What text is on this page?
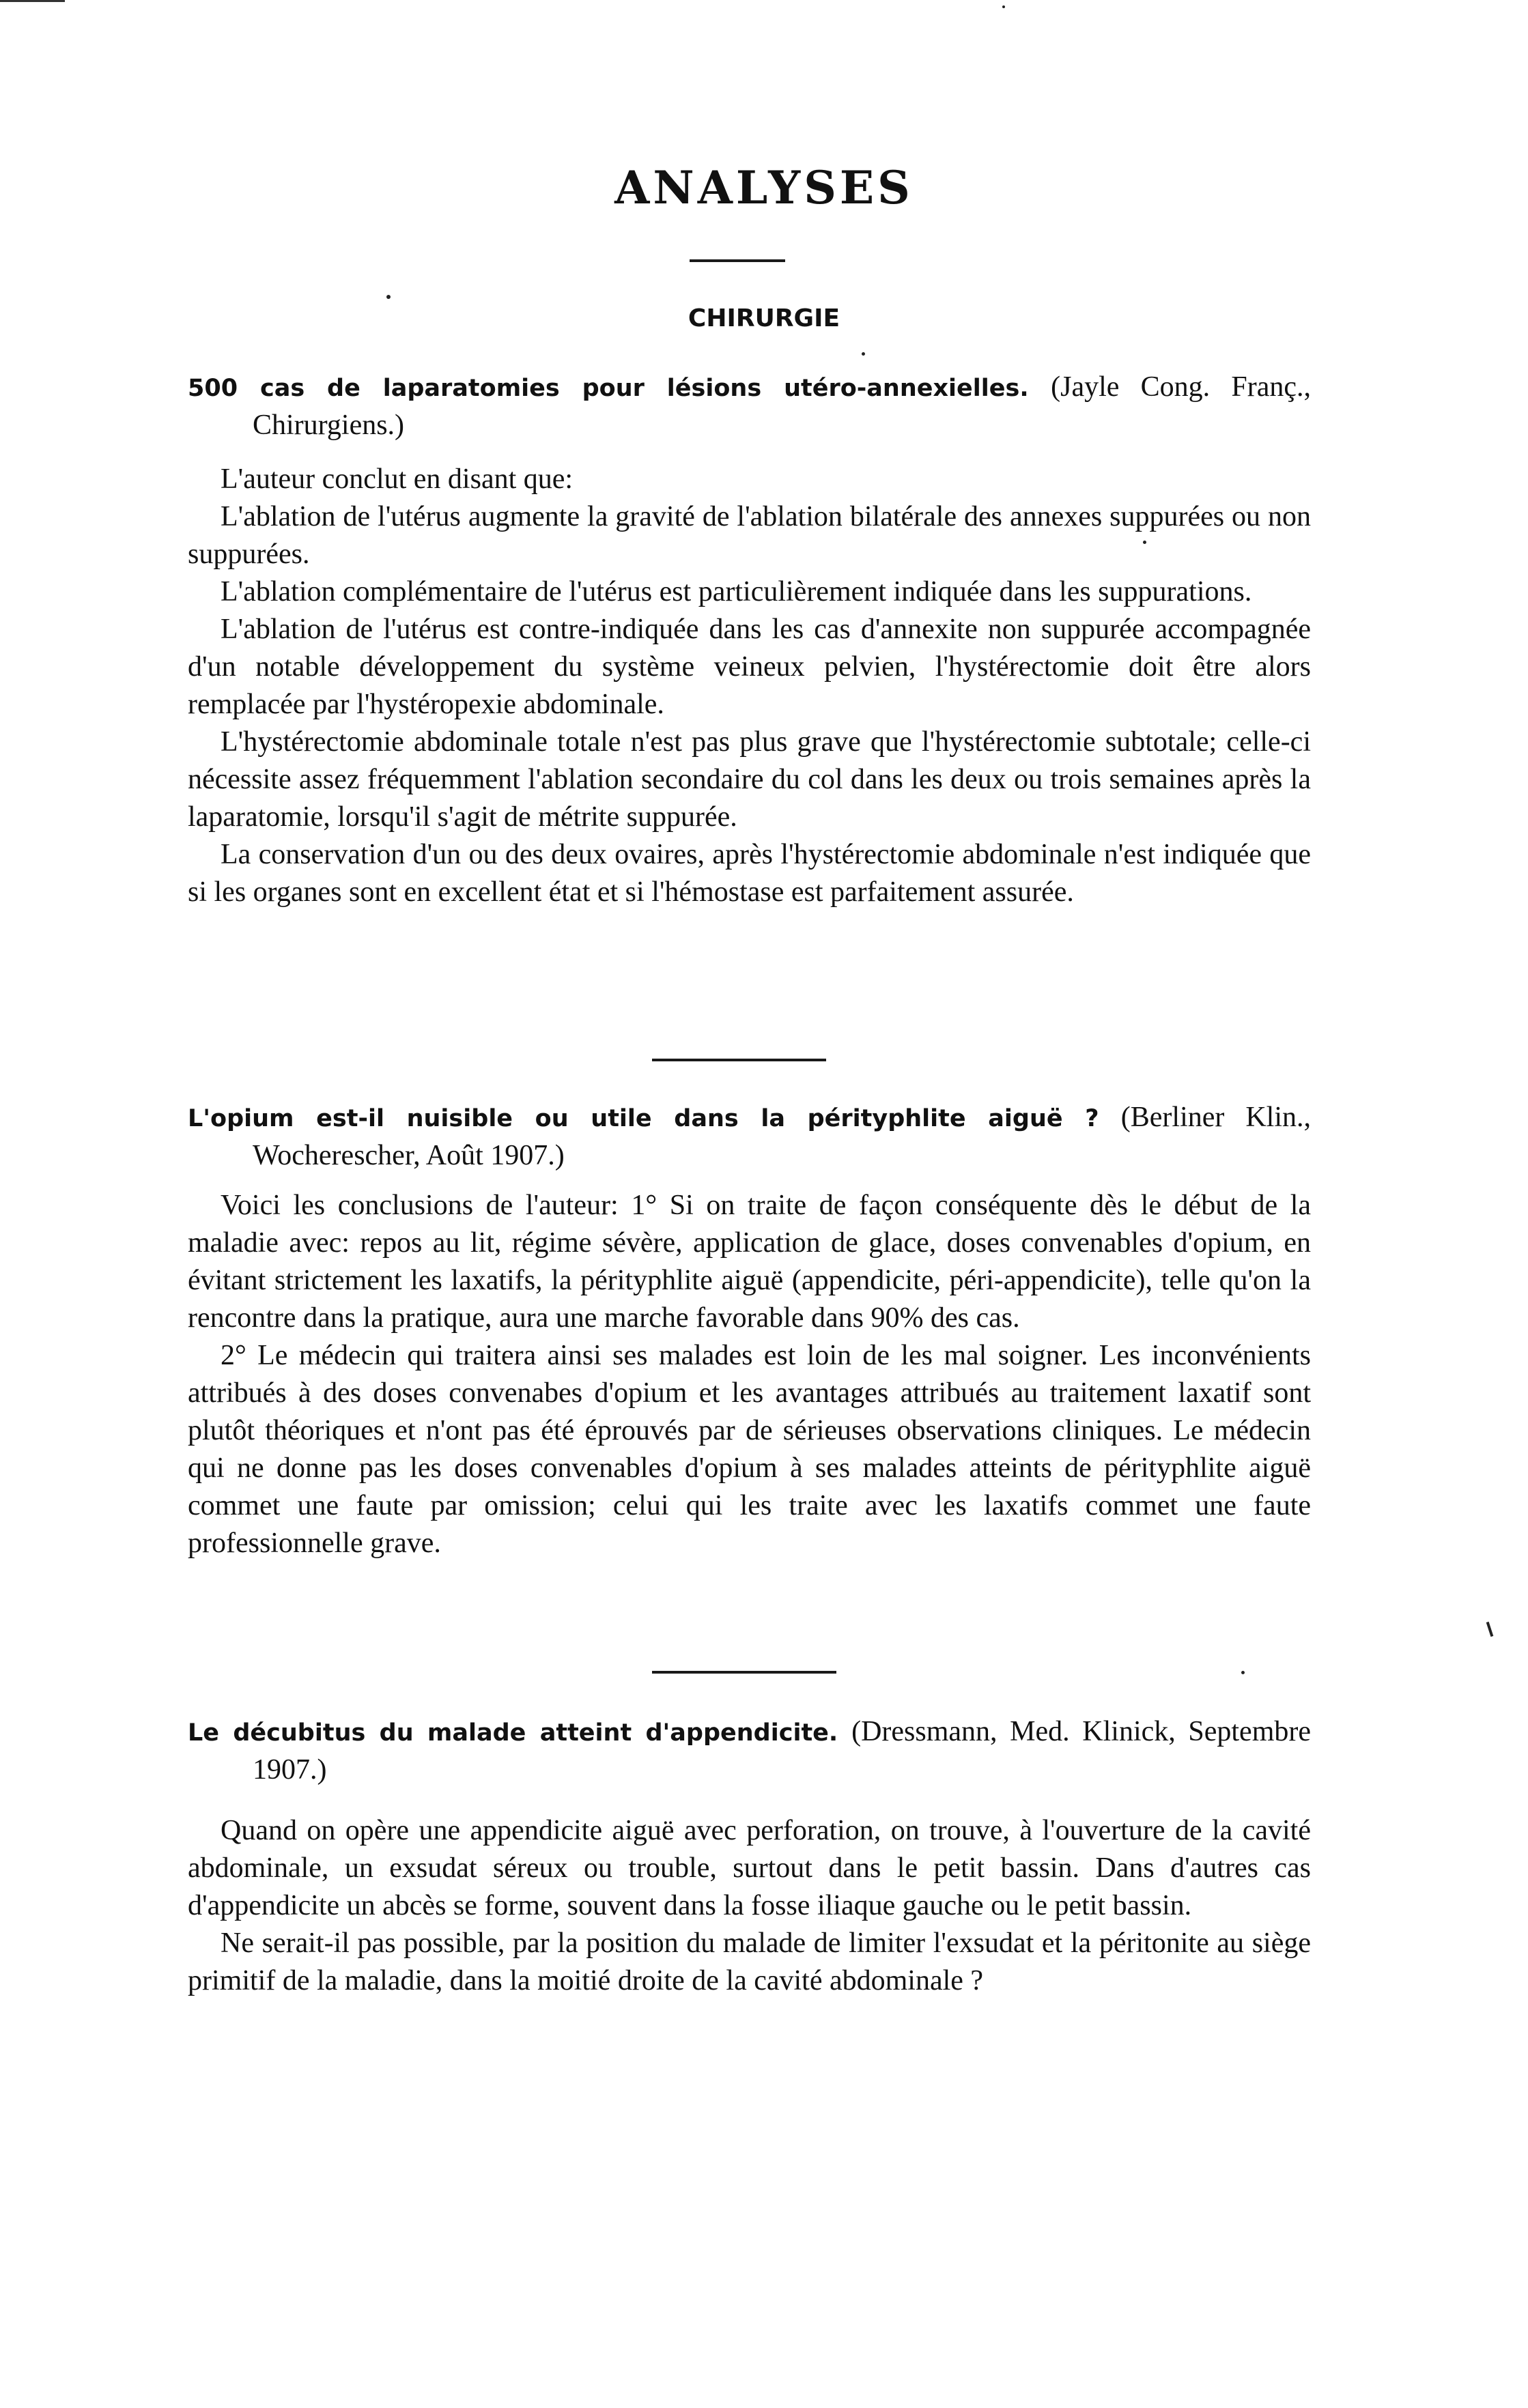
ANALYSES
CHIRURGIE

500 cas de laparatomies pour lésions utéro-annexielles. (Jayle Cong. Franç., Chirurgiens.)

L'auteur conclut en disant que:

L'ablation de l'utérus augmente la gravité de l'ablation bilatérale des annexes suppurées ou non suppurées.

L'ablation complémentaire de l'utérus est particulièrement indiquée dans les suppurations.

L'ablation de l'utérus est contre-indiquée dans les cas d'annexite non suppurée accompagnée d'un notable développement du système veineux pelvien, l'hystérectomie doit être alors remplacée par l'hystéropexie abdominale.

L'hystérectomie abdominale totale n'est pas plus grave que l'hystérectomie subtotale; celle-ci nécessite assez fréquemment l'ablation secondaire du col dans les deux ou trois semaines après la laparatomie, lorsqu'il s'agit de métrite suppurée.

La conservation d'un ou des deux ovaires, après l'hystérectomie abdominale n'est indiquée que si les organes sont en excellent état et si l'hémostase est parfaitement assurée.

L'opium est-il nuisible ou utile dans la pérityphlite aiguë ? (Berliner Klin., Wocherescher, Août 1907.)

Voici les conclusions de l'auteur: 1° Si on traite de façon conséquente dès le début de la maladie avec: repos au lit, régime sévère, application de glace, doses convenables d'opium, en évitant strictement les laxatifs, la pérityphlite aiguë (appendicite, péri-appendicite), telle qu'on la rencontre dans la pratique, aura une marche favorable dans 90% des cas.

2° Le médecin qui traitera ainsi ses malades est loin de les mal soigner. Les inconvénients attribués à des doses convenabes d'opium et les avantages attribués au traitement laxatif sont plutôt théoriques et n'ont pas été éprouvés par de sérieuses observations cliniques. Le médecin qui ne donne pas les doses convenables d'opium à ses malades atteints de pérityphlite aiguë commet une faute par omission; celui qui les traite avec les laxatifs commet une faute professionnelle grave.

Le décubitus du malade atteint d'appendicite. (Dressmann, Med. Klinick, Septembre 1907.)

Quand on opère une appendicite aiguë avec perforation, on trouve, à l'ouverture de la cavité abdominale, un exsudat séreux ou trouble, surtout dans le petit bassin. Dans d'autres cas d'appendicite un abcès se forme, souvent dans la fosse iliaque gauche ou le petit bassin.

Ne serait-il pas possible, par la position du malade de limiter l'exsudat et la péritonite au siège primitif de la maladie, dans la moitié droite de la cavité abdominale ?
